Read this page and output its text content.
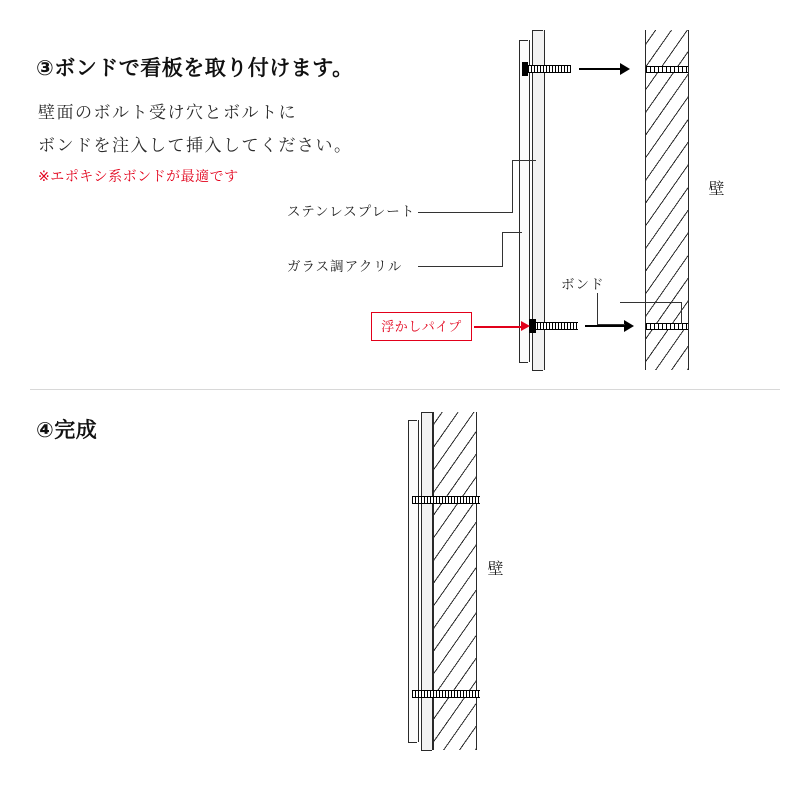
③ボンドで看板を取り付けます。
壁面のボルト受け穴とボルトに
ボンドを注入して挿入してください。
※エポキシ系ボンドが最適です
ステンレスプレート
ガラス調アクリル
ボンド
壁
浮かしパイプ
④完成
壁
